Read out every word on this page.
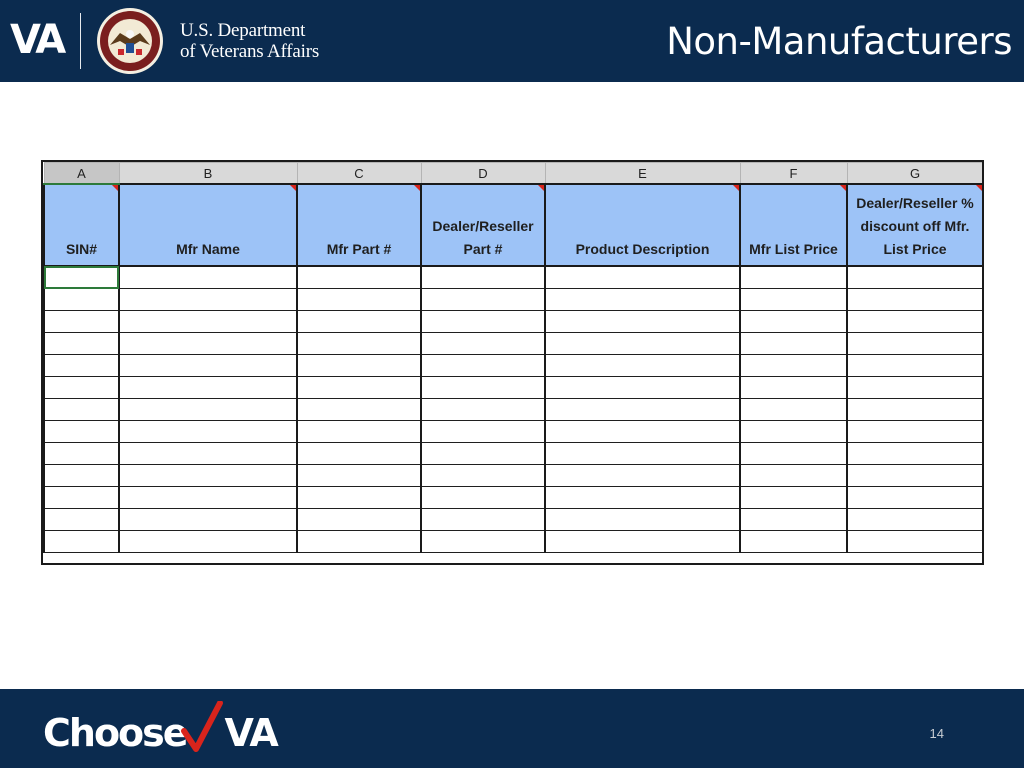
VA	U.S. Department
of Veterans Affairs	Non-Manufacturers
A	B	C	D	E	F	G
SIN#	Mfr Name	Mfr Part #	Dealer/Reseller Part #	Product Description	Mfr List Price	Dealer/Reseller % discount off Mfr. List Price

Choose VA	14
